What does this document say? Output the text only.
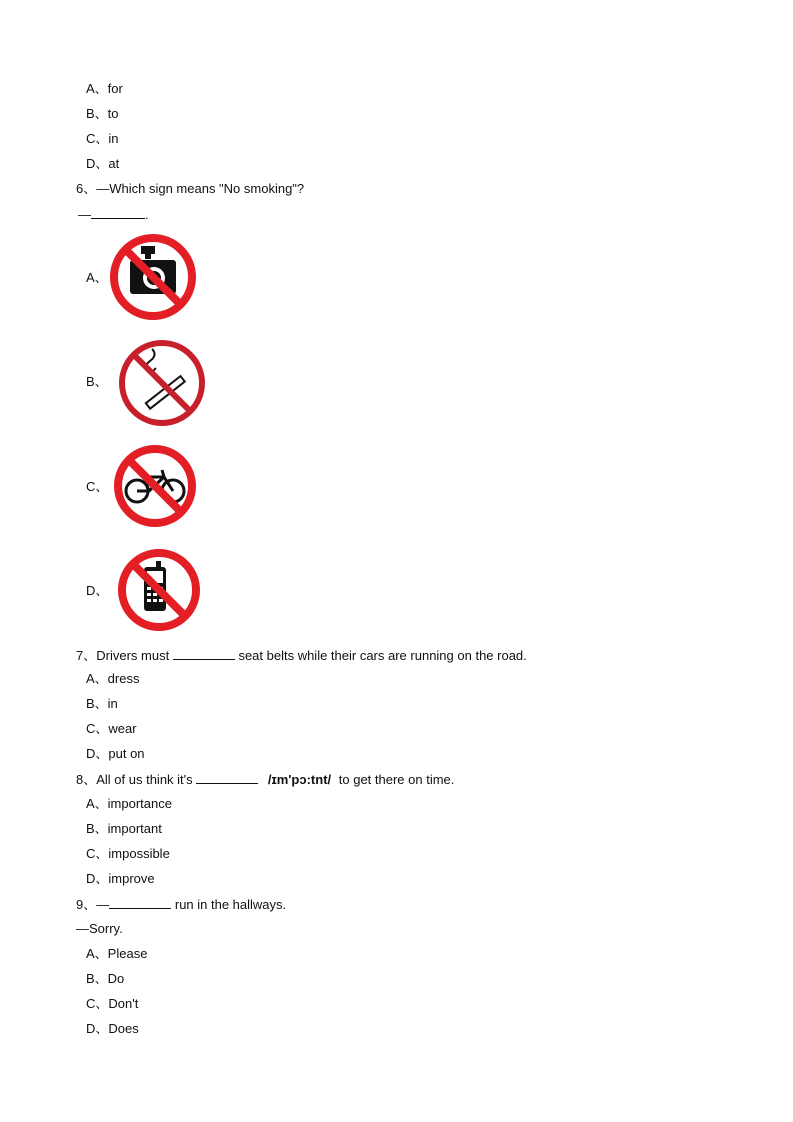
A、for
B、to
C、in
D、at
6、—Which sign means "No smoking"?
—	.
A、
B、
C、
D、
7、Drivers must	seat belts while their cars are running on the road.
A、dress
B、in
C、wear
D、put on
8、All of us think it's	/ɪm'pɔ:tnt/ to get there on time.
A、importance
B、important
C、impossible
D、improve
9、—	run in the hallways.
—Sorry.
A、Please
B、Do
C、Don't
D、Does
